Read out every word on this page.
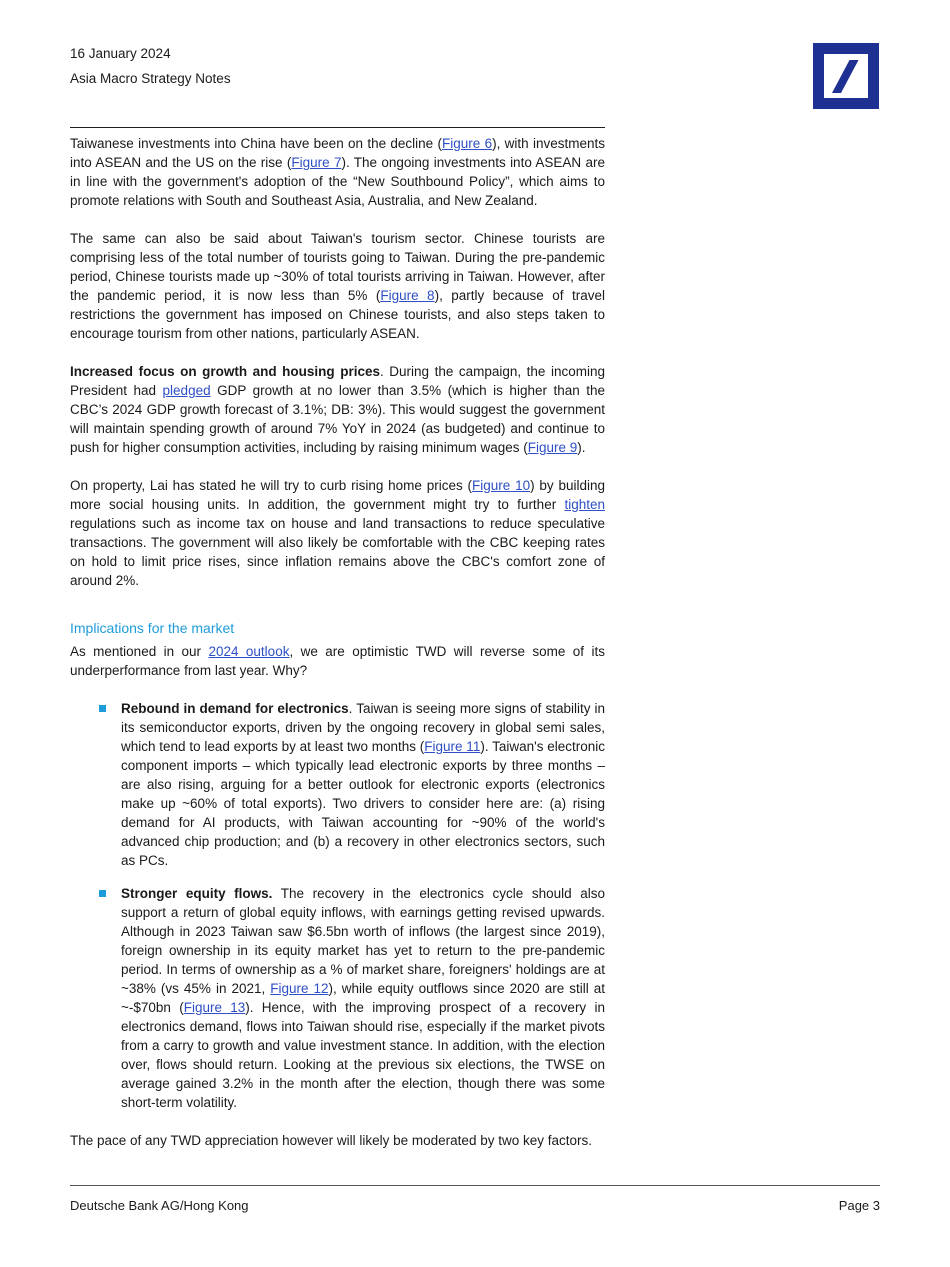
16 January 2024
Asia Macro Strategy Notes

Taiwanese investments into China have been on the decline (Figure 6), with investments into ASEAN and the US on the rise (Figure 7). The ongoing investments into ASEAN are in line with the government's adoption of the “New Southbound Policy”, which aims to promote relations with South and Southeast Asia, Australia, and New Zealand.

The same can also be said about Taiwan's tourism sector. Chinese tourists are comprising less of the total number of tourists going to Taiwan. During the pre-pandemic period, Chinese tourists made up ~30% of total tourists arriving in Taiwan. However, after the pandemic period, it is now less than 5% (Figure 8), partly because of travel restrictions the government has imposed on Chinese tourists, and also steps taken to encourage tourism from other nations, particularly ASEAN.

Increased focus on growth and housing prices. During the campaign, the incoming President had pledged GDP growth at no lower than 3.5% (which is higher than the CBC’s 2024 GDP growth forecast of 3.1%; DB: 3%). This would suggest the government will maintain spending growth of around 7% YoY in 2024 (as budgeted) and continue to push for higher consumption activities, including by raising minimum wages (Figure 9).

On property, Lai has stated he will try to curb rising home prices (Figure 10) by building more social housing units. In addition, the government might try to further tighten regulations such as income tax on house and land transactions to reduce speculative transactions. The government will also likely be comfortable with the CBC keeping rates on hold to limit price rises, since inflation remains above the CBC's comfort zone of around 2%.

Implications for the market

As mentioned in our 2024 outlook, we are optimistic TWD will reverse some of its underperformance from last year. Why?

Rebound in demand for electronics. Taiwan is seeing more signs of stability in its semiconductor exports, driven by the ongoing recovery in global semi sales, which tend to lead exports by at least two months (Figure 11). Taiwan's electronic component imports – which typically lead electronic exports by three months – are also rising, arguing for a better outlook for electronic exports (electronics make up ~60% of total exports). Two drivers to consider here are: (a) rising demand for AI products, with Taiwan accounting for ~90% of the world's advanced chip production; and (b) a recovery in other electronics sectors, such as PCs.

Stronger equity flows. The recovery in the electronics cycle should also support a return of global equity inflows, with earnings getting revised upwards. Although in 2023 Taiwan saw $6.5bn worth of inflows (the largest since 2019), foreign ownership in its equity market has yet to return to the pre-pandemic period. In terms of ownership as a % of market share, foreigners' holdings are at ~38% (vs 45% in 2021, Figure 12), while equity outflows since 2020 are still at ~-$70bn (Figure 13). Hence, with the improving prospect of a recovery in electronics demand, flows into Taiwan should rise, especially if the market pivots from a carry to growth and value investment stance. In addition, with the election over, flows should return. Looking at the previous six elections, the TWSE on average gained 3.2% in the month after the election, though there was some short-term volatility.

The pace of any TWD appreciation however will likely be moderated by two key factors.

Deutsche Bank AG/Hong Kong	Page 3
